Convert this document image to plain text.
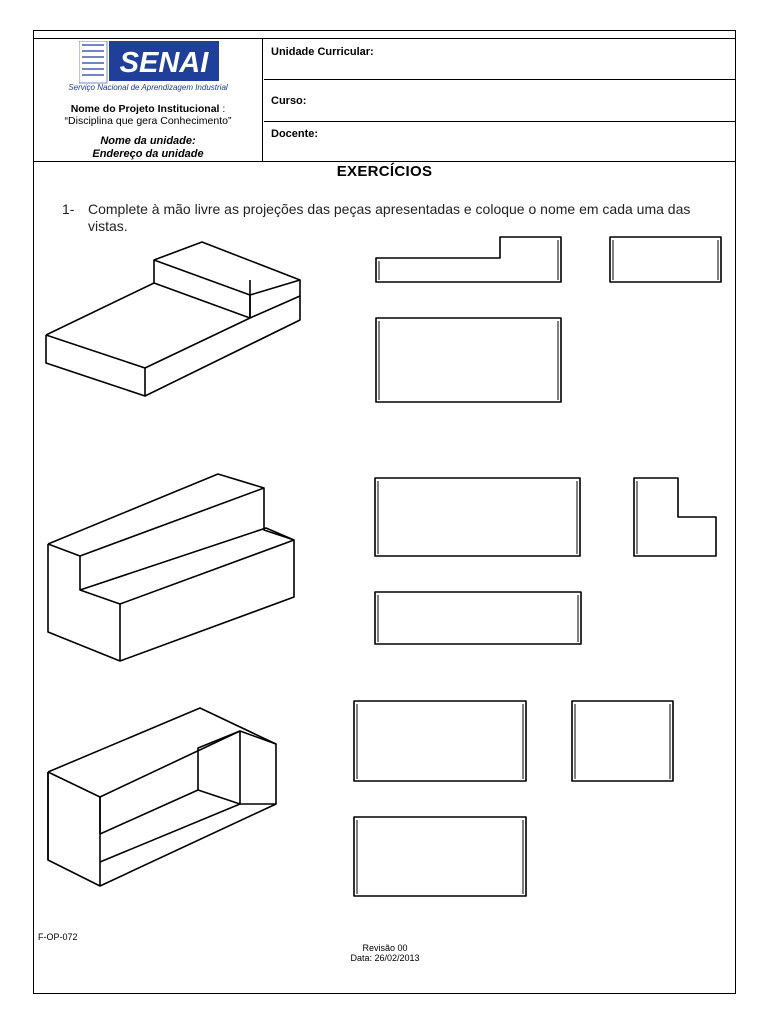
SENAI
Serviço Nacional de Aprendizagem Industrial
Nome do Projeto Institucional :
“Disciplina que gera Conhecimento”
Nome da unidade:
Endereço da unidade
Unidade Curricular:
Curso:
Docente:
EXERCÍCIOS
1- Complete à mão livre as projeções das peças apresentadas e coloque o nome em cada uma das vistas.
F-OP-072
Revisão 00
Data: 26/02/2013
